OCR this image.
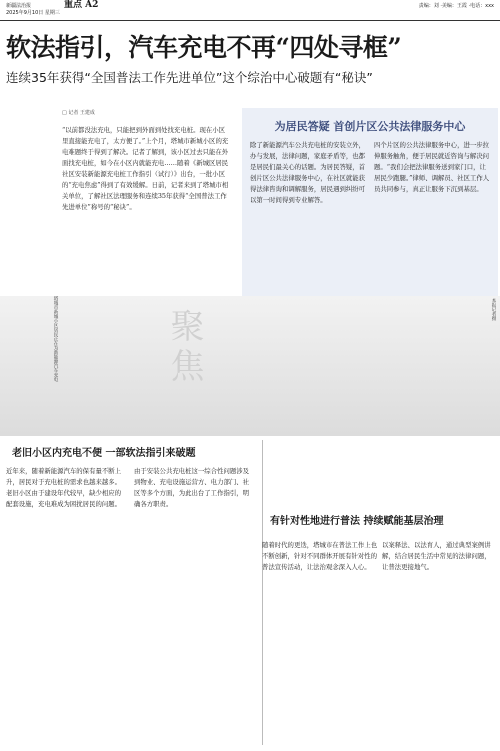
新疆法治报
2025年9月10日 星期三
重点 A2	责编：刘 ·美编：王霞 ·电话：xxx
软法指引，汽车充电不再“四处寻框”
连续35年获得“全国普法工作先进单位”这个综治中心破题有“秘诀”
□ 记者 王建成
“以前都没法充电，只能把到外面到处找充电桩。现在小区里直接能充电了，太方便了。”上个月，塔城市新城小区的充电难题终于得到了解决。记者了解到，该小区过去只能在外面找充电桩，如今在小区内就能充电……随着《新城区居民社区安装新能源充电桩工作指引（试行）》出台，一批小区的“充电焦虑”得到了有效缓解。日前，记者来到了塔城市相关单位，了解社区法理服务和连续35年获得“全国普法工作先进单位”称号的“秘诀”。
为居民答疑 首创片区公共法律服务中心
除了新能源汽车公共充电桩的安装立外，办与发展，法律问题，家庭矛盾等，也都是居民们最关心的话题。为居民答疑，首创片区公共法律服务中心，在社区就能获得法律咨询和调解服务，居民遇到纠纷可以第一时间得到专业解答。
四个片区的公共法律服务中心，进一步拉伸服务触角，便于居民就近咨询与解决问题。“我们会把法律服务送到家门口，让居民少跑腿。”律师、调解员、社区工作人员共同参与，真正让服务下沉到基层。
塔城市新城小区居民正在为新能源汽车充电	聚焦	本报记者摄
老旧小区内充电不便 一部软法指引来破题
近年来，随着新能源汽车的保有量不断上升，居民对于充电桩的需求也越来越多。老旧小区由于建设年代较早，缺少相应的配套设施，充电难成为困扰居民的问题。
由于安装公共充电桩这一综合性问题涉及到物业、充电设施运营方、电力部门、社区等多个方面，为此出台了工作指引，明确各方职责。
有针对性地进行普法 持续赋能基层治理
随着时代的更迭，塔城市在普法工作上也不断创新，针对不同群体开展有针对性的普法宣传活动，让法治观念深入人心。
以案释法、以法育人，通过典型案例讲解，结合居民生活中常见的法律问题，让普法更接地气。
